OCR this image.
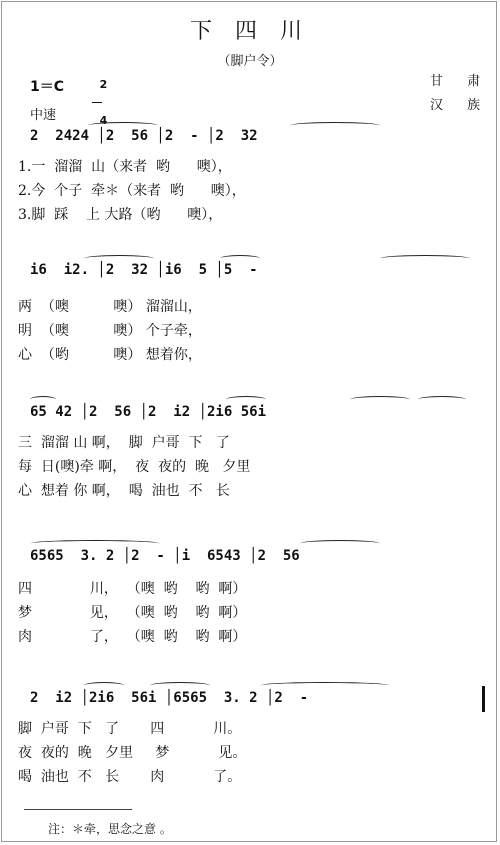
下 四 川
（脚户令）
1＝C	2

4

中速
甘 肃
汉 族
2  2424 │2  56 │2  - │2  32
1.一  溜溜  山（来者  哟      噢），
2.今  个子  牵＊（来者  哟      噢），
3.脚  踩    上 大路（哟      噢），
i6  i2. │2  32 │i6  5 │5  -
两  （噢          噢） 溜溜山，
明  （噢          噢） 个子牵，
心  （哟          噢） 想着你，
65 42 │2  56 │2  i2 │2i6 56i
三  溜溜 山 啊，  脚  户哥  下   了
每  日(噢)牵 啊，  夜  夜的  晚   夕里
心  想着 你 啊，  喝  油也  不   长
6565  3. 2 │2  - │i  6543 │2  56
四             川，  （噢  哟    哟  啊）
梦             见，  （噢  哟    哟  啊）
肉             了，  （噢  哟    哟  啊）
2  i2 │2i6  56i │6565  3. 2 │2  -
脚  户哥  下   了       四           川。
夜  夜的  晚   夕里     梦           见。
喝  油也  不   长       肉           了。
注：＊牵，思念之意 。
